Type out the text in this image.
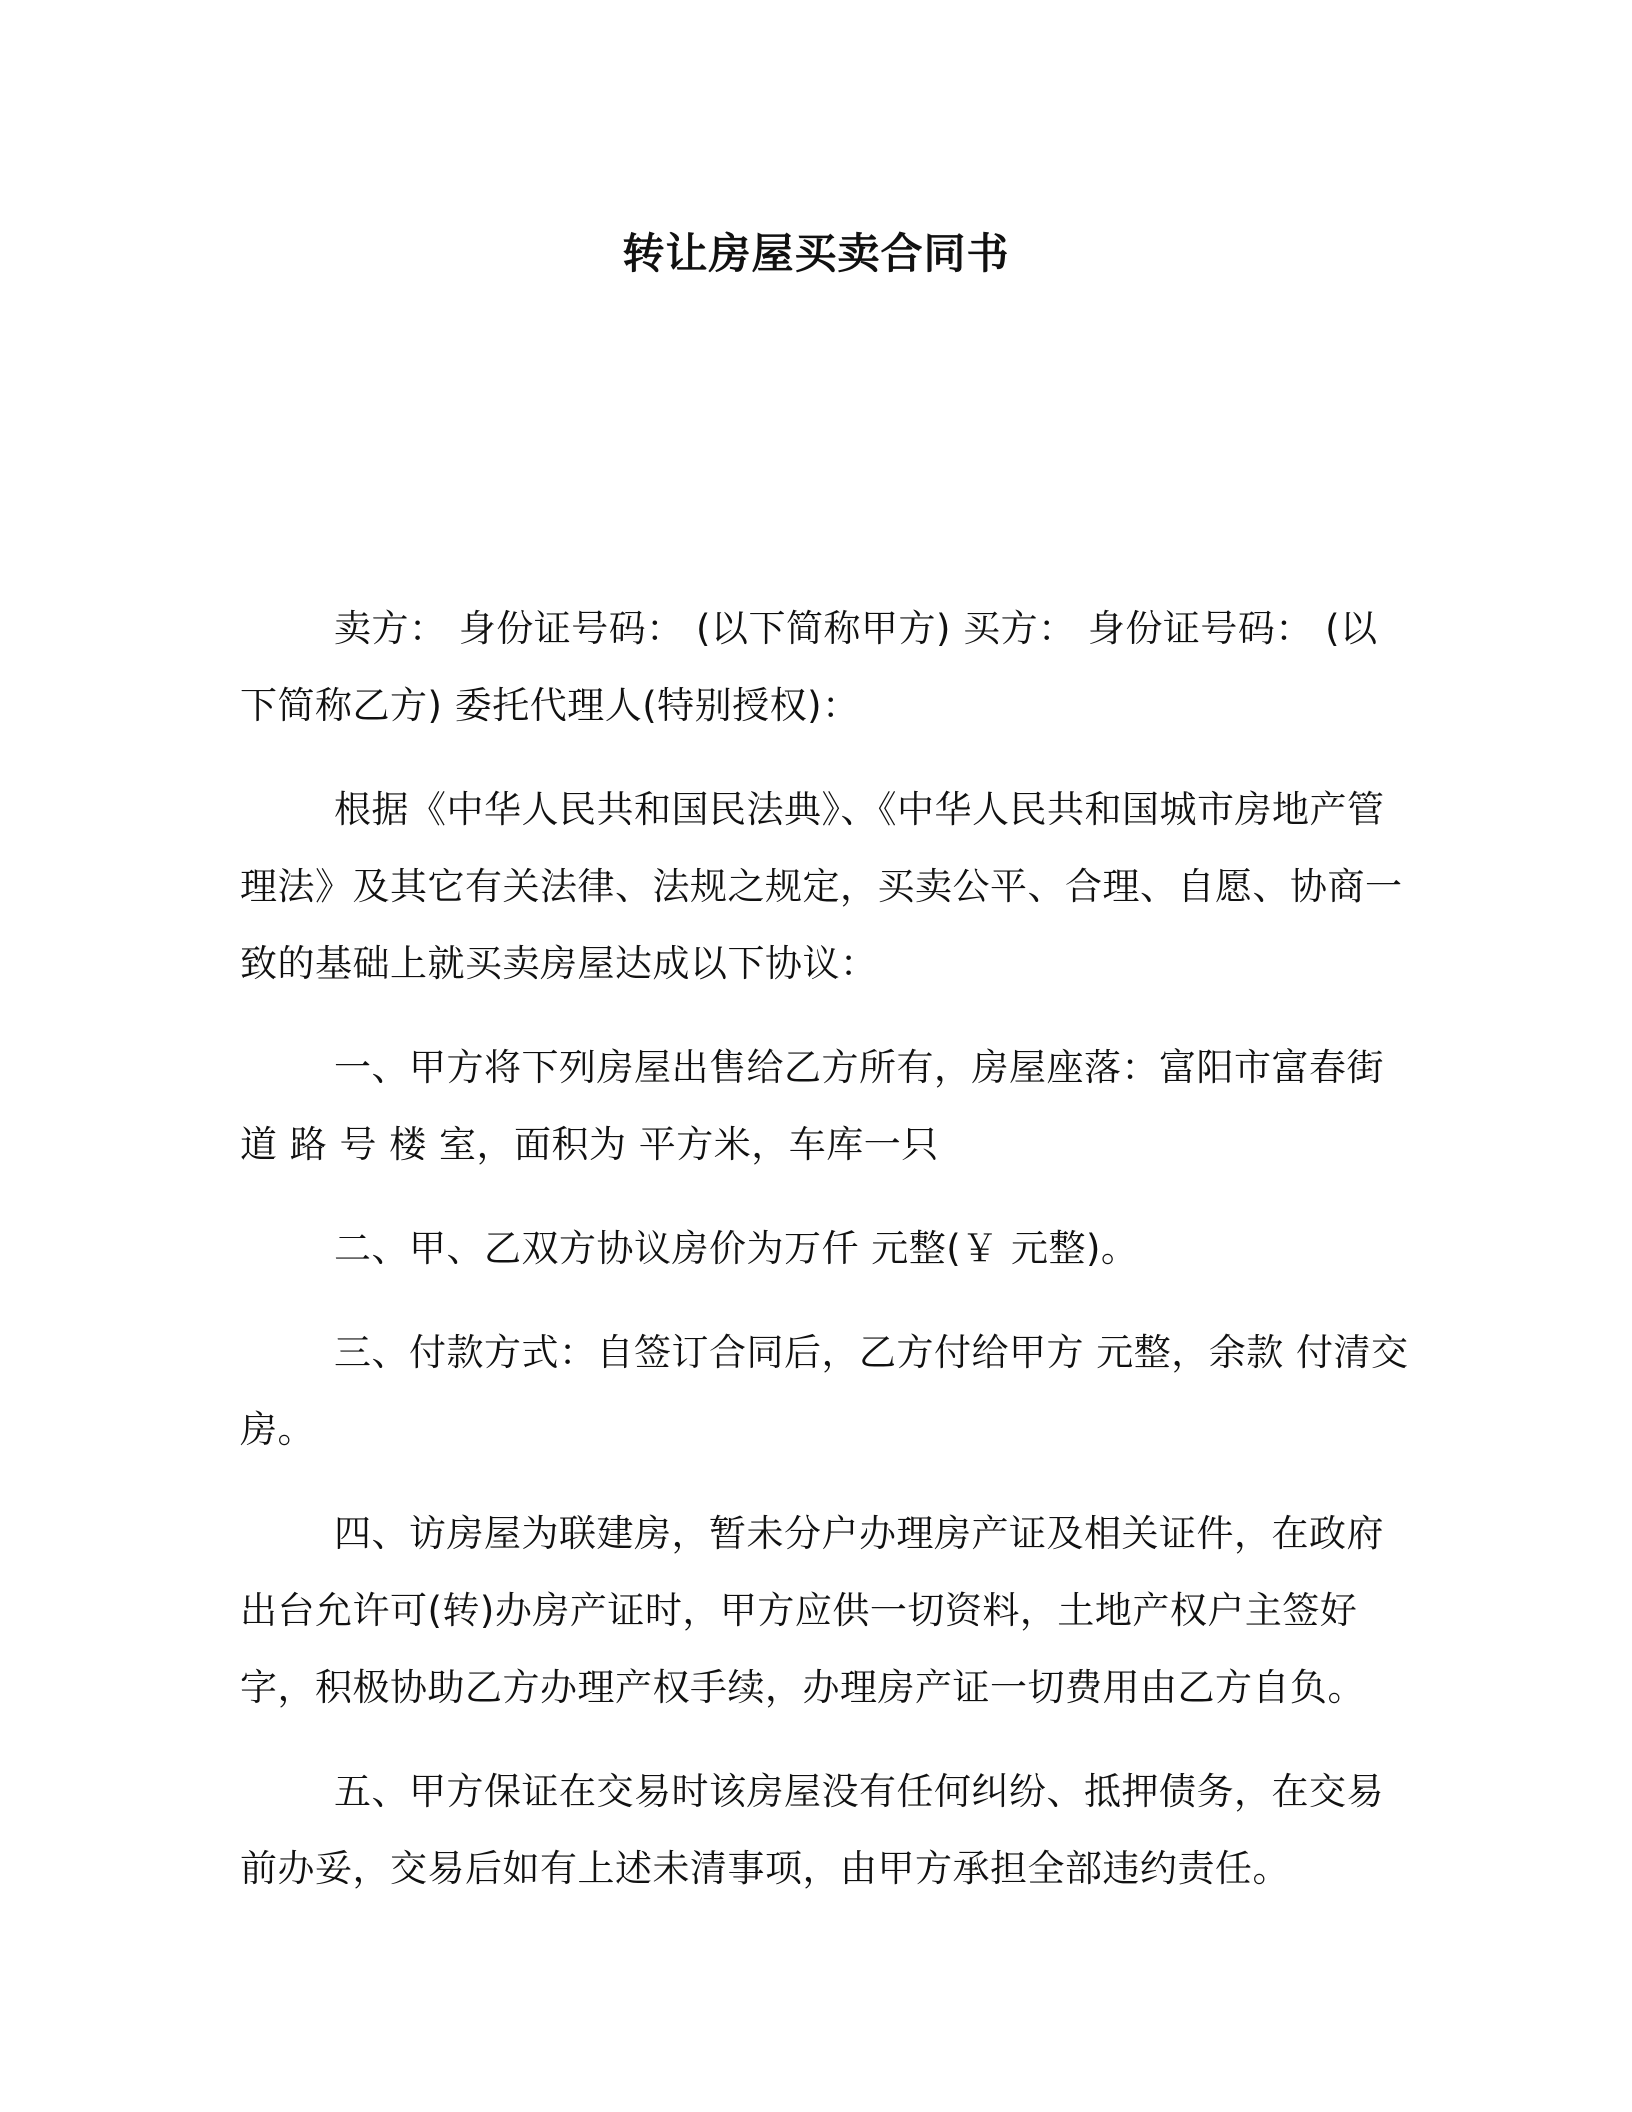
转让房屋买卖合同书

卖方： 身份证号码： (以下简称甲方) 买方： 身份证号码： (以下简称乙方) 委托代理人(特别授权)：

根据《中华人民共和国民法典》、《中华人民共和国城市房地产管理法》及其它有关法律、法规之规定，买卖公平、合理、自愿、协商一致的基础上就买卖房屋达成以下协议：

一、甲方将下列房屋出售给乙方所有，房屋座落：富阳市富春街道 路 号 楼 室，面积为 平方米，车库一只

二、甲、乙双方协议房价为万仟 元整(￥ 元整)。

三、付款方式：自签订合同后，乙方付给甲方 元整，余款 付清交房。

四、访房屋为联建房，暂未分户办理房产证及相关证件，在政府出台允许可(转)办房产证时，甲方应供一切资料，土地产权户主签好字，积极协助乙方办理产权手续，办理房产证一切费用由乙方自负。

五、甲方保证在交易时该房屋没有任何纠纷、抵押债务，在交易前办妥，交易后如有上述未清事项，由甲方承担全部违约责任。
